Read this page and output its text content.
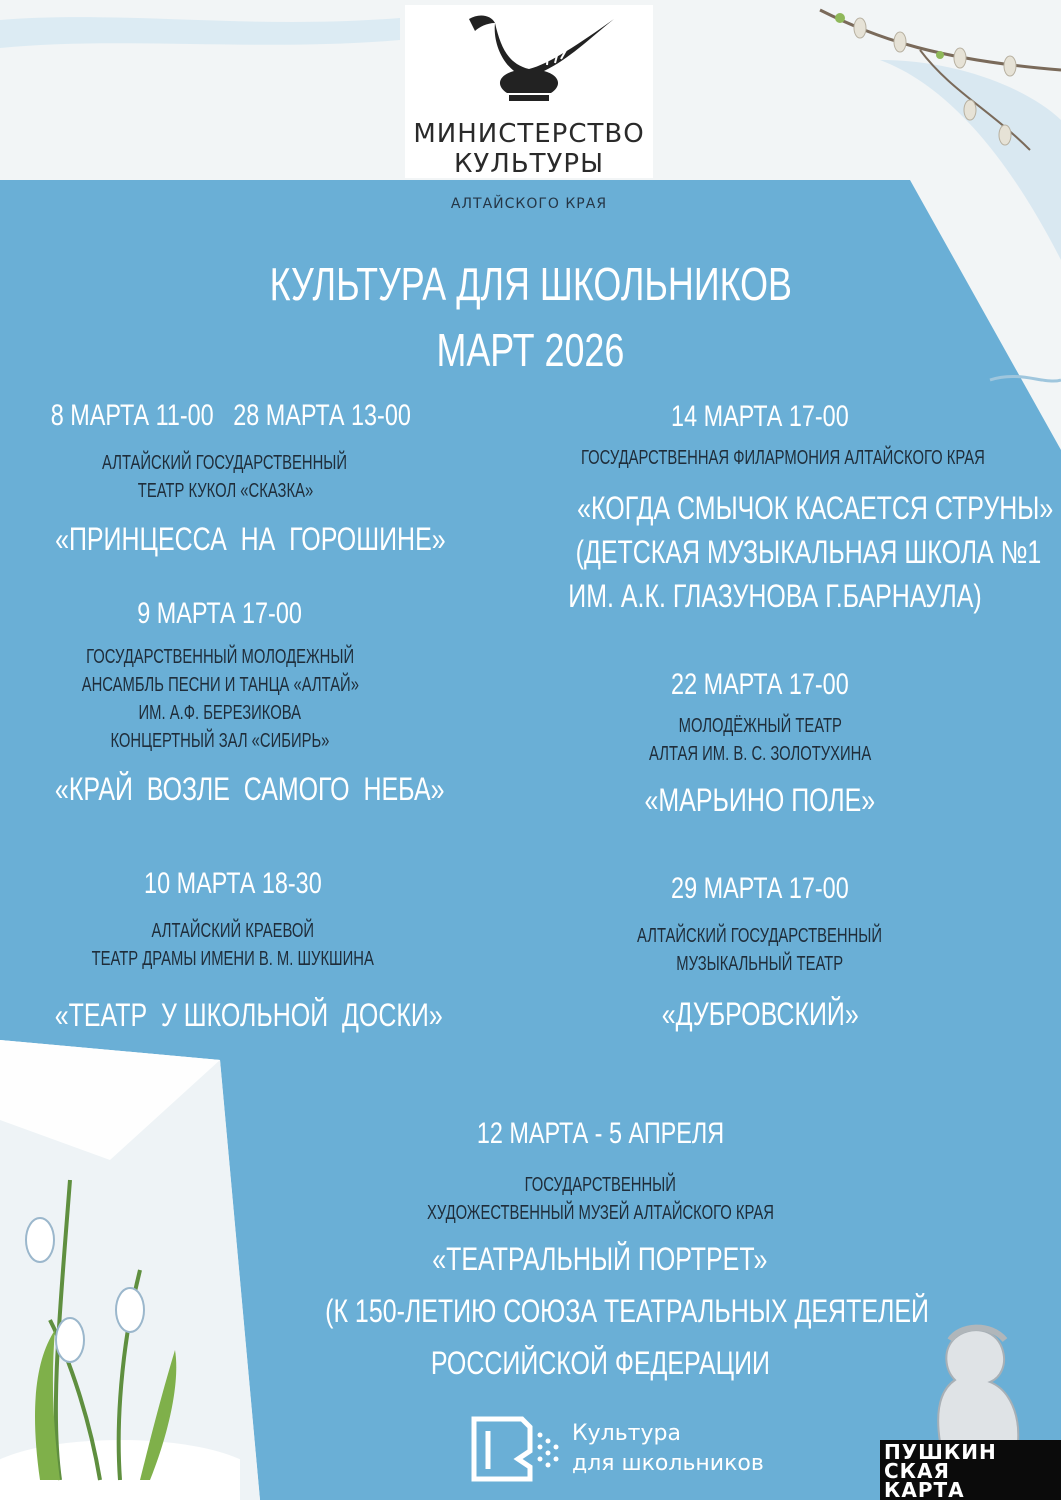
МИНИСТЕРСТВО
КУЛЬТУРЫ
АЛТАЙСКОГО КРАЯ
КУЛЬТУРА ДЛЯ ШКОЛЬНИКОВ
МАРТ 2026
8 МАРТА 11-00   28 МАРТА 13-00
АЛТАЙСКИЙ ГОСУДАРСТВЕННЫЙ
ТЕАТР КУКОЛ «СКАЗКА»
«ПРИНЦЕССА  НА  ГОРОШИНЕ»
14 МАРТА 17-00
ГОСУДАРСТВЕННАЯ ФИЛАРМОНИЯ АЛТАЙСКОГО КРАЯ
«КОГДА СМЫЧОК КАСАЕТСЯ СТРУНЫ»
(ДЕТСКАЯ МУЗЫКАЛЬНАЯ ШКОЛА №1
ИМ. А.К. ГЛАЗУНОВА Г.БАРНАУЛА)
9 МАРТА 17-00
ГОСУДАРСТВЕННЫЙ МОЛОДЕЖНЫЙ
АНСАМБЛЬ ПЕСНИ И ТАНЦА «АЛТАЙ»
ИМ. А.Ф. БЕРЕЗИКОВА
КОНЦЕРТНЫЙ ЗАЛ «СИБИРЬ»
«КРАЙ  ВОЗЛЕ  САМОГО  НЕБА»
22 МАРТА 17-00
МОЛОДЁЖНЫЙ ТЕАТР
АЛТАЯ ИМ. В. С. ЗОЛОТУХИНА
«МАРЬИНО ПОЛЕ»
10 МАРТА 18-30
АЛТАЙСКИЙ КРАЕВОЙ
ТЕАТР ДРАМЫ ИМЕНИ В. М. ШУКШИНА
«ТЕАТР  У ШКОЛЬНОЙ  ДОСКИ»
29 МАРТА 17-00
АЛТАЙСКИЙ ГОСУДАРСТВЕННЫЙ
МУЗЫКАЛЬНЫЙ ТЕАТР
«ДУБРОВСКИЙ»
12 МАРТА - 5 АПРЕЛЯ
ГОСУДАРСТВЕННЫЙ
ХУДОЖЕСТВЕННЫЙ МУЗЕЙ АЛТАЙСКОГО КРАЯ
«ТЕАТРАЛЬНЫЙ ПОРТРЕТ»
(К 150-ЛЕТИЮ СОЮЗА ТЕАТРАЛЬНЫХ ДЕЯТЕЛЕЙ
РОССИЙСКОЙ ФЕДЕРАЦИИ
Культура
для школьников	ПУШКИН
СКАЯ
КАРТА
